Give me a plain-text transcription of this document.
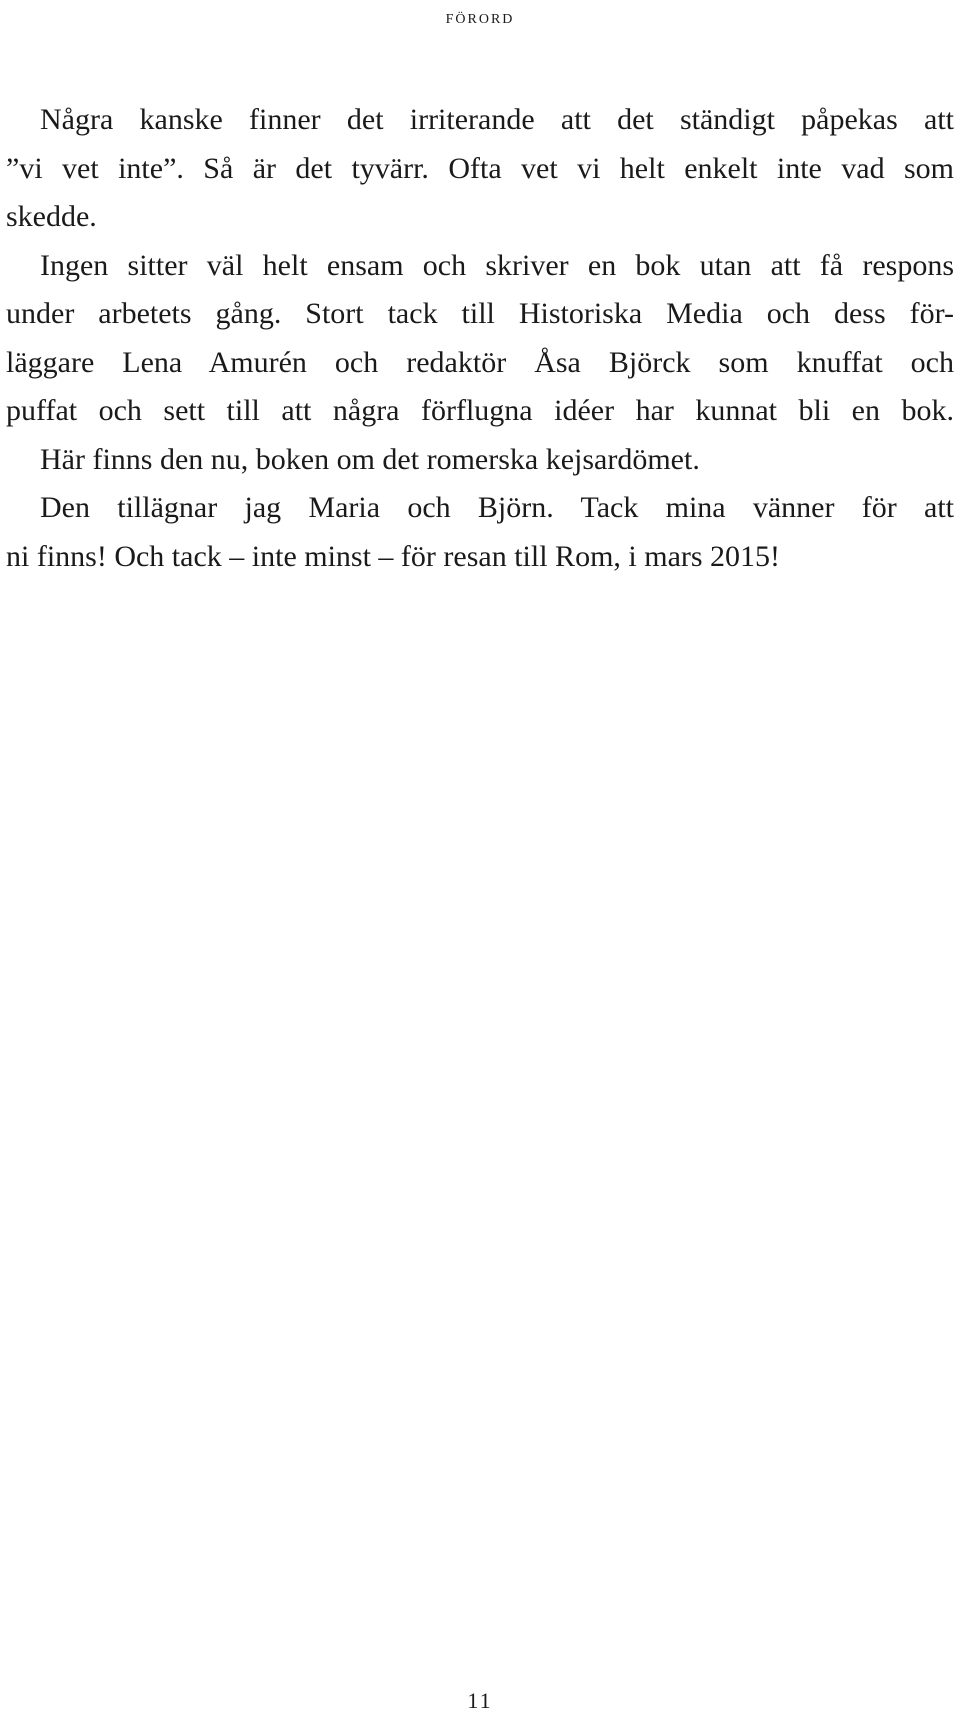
förord

Några kanske finner det irriterande att det ständigt påpekas att
”vi vet inte”. Så är det tyvärr. Ofta vet vi helt enkelt inte vad som
skedde.

Ingen sitter väl helt ensam och skriver en bok utan att få respons
under arbetets gång. Stort tack till Historiska Media och dess för-
läggare Lena Amurén och redaktör Åsa Björck som knuffat och
puffat och sett till att några förflugna idéer har kunnat bli en bok.
Här finns den nu, boken om det romerska kejsardömet.

Den tillägnar jag Maria och Björn. Tack mina vänner för att
ni finns! Och tack – inte minst – för resan till Rom, i mars 2015!

11
